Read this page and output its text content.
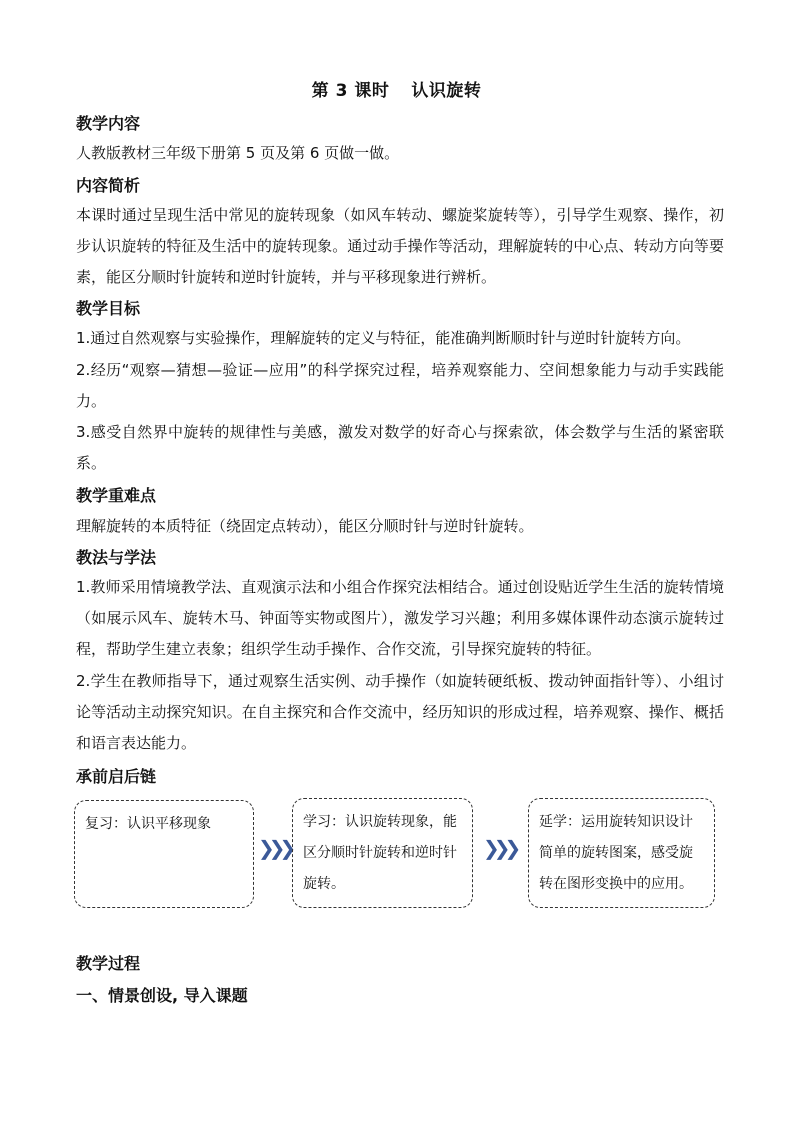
第 3 课时 认识旋转
教学内容
人教版教材三年级下册第 5 页及第 6 页做一做。
内容简析
本课时通过呈现生活中常见的旋转现象（如风车转动、螺旋桨旋转等），引导学生观察、操作，初步认识旋转的特征及生活中的旋转现象。通过动手操作等活动，理解旋转的中心点、转动方向等要素，能区分顺时针旋转和逆时针旋转，并与平移现象进行辨析。
教学目标
1.通过自然观察与实验操作，理解旋转的定义与特征，能准确判断顺时针与逆时针旋转方向。
2.经历“观察—猜想—验证—应用”的科学探究过程，培养观察能力、空间想象能力与动手实践能力。
3.感受自然界中旋转的规律性与美感，激发对数学的好奇心与探索欲，体会数学与生活的紧密联系。
教学重难点
理解旋转的本质特征（绕固定点转动），能区分顺时针与逆时针旋转。
教法与学法
1.教师采用情境教学法、直观演示法和小组合作探究法相结合。通过创设贴近学生生活的旋转情境（如展示风车、旋转木马、钟面等实物或图片），激发学习兴趣；利用多媒体课件动态演示旋转过程，帮助学生建立表象；组织学生动手操作、合作交流，引导探究旋转的特征。
2.学生在教师指导下，通过观察生活实例、动手操作（如旋转硬纸板、拨动钟面指针等）、小组讨论等活动主动探究知识。在自主探究和合作交流中，经历知识的形成过程，培养观察、操作、概括和语言表达能力。
承前启后链
复习：认识平移现象
❯❯❯
学习：认识旋转现象，能区分顺时针旋转和逆时针旋转。
❯❯❯
延学：运用旋转知识设计简单的旋转图案，感受旋转在图形变换中的应用。
教学过程
一、情景创设, 导入课题
